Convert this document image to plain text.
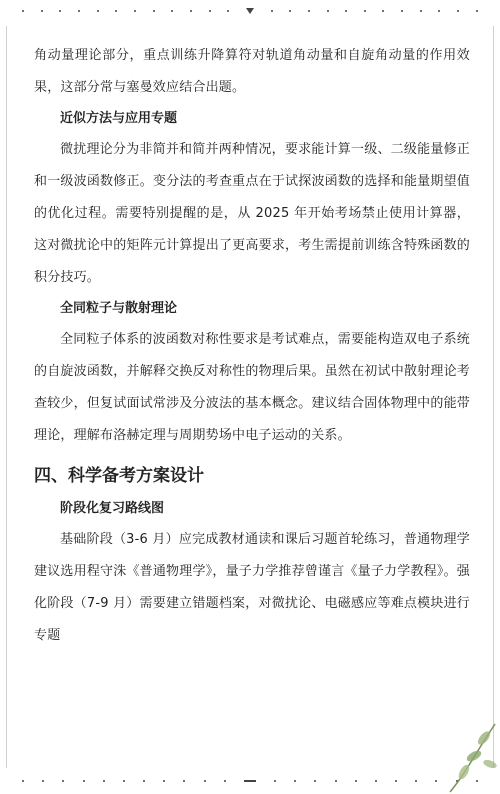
角动量理论部分，重点训练升降算符对轨道角动量和自旋角动量的作用效果，这部分常与塞曼效应结合出题。

近似方法与应用专题

微扰理论分为非简并和简并两种情况，要求能计算一级、二级能量修正和一级波函数修正。变分法的考查重点在于试探波函数的选择和能量期望值的优化过程。需要特别提醒的是，从 2025 年开始考场禁止使用计算器，这对微扰论中的矩阵元计算提出了更高要求，考生需提前训练含特殊函数的积分技巧。

全同粒子与散射理论

全同粒子体系的波函数对称性要求是考试难点，需要能构造双电子系统的自旋波函数，并解释交换反对称性的物理后果。虽然在初试中散射理论考查较少，但复试面试常涉及分波法的基本概念。建议结合固体物理中的能带理论，理解布洛赫定理与周期势场中电子运动的关系。

四、科学备考方案设计
阶段化复习路线图

基础阶段（3-6 月）应完成教材通读和课后习题首轮练习，普通物理学建议选用程守洙《普通物理学》，量子力学推荐曾谨言《量子力学教程》。强化阶段（7-9 月）需要建立错题档案，对微扰论、电磁感应等难点模块进行专题
